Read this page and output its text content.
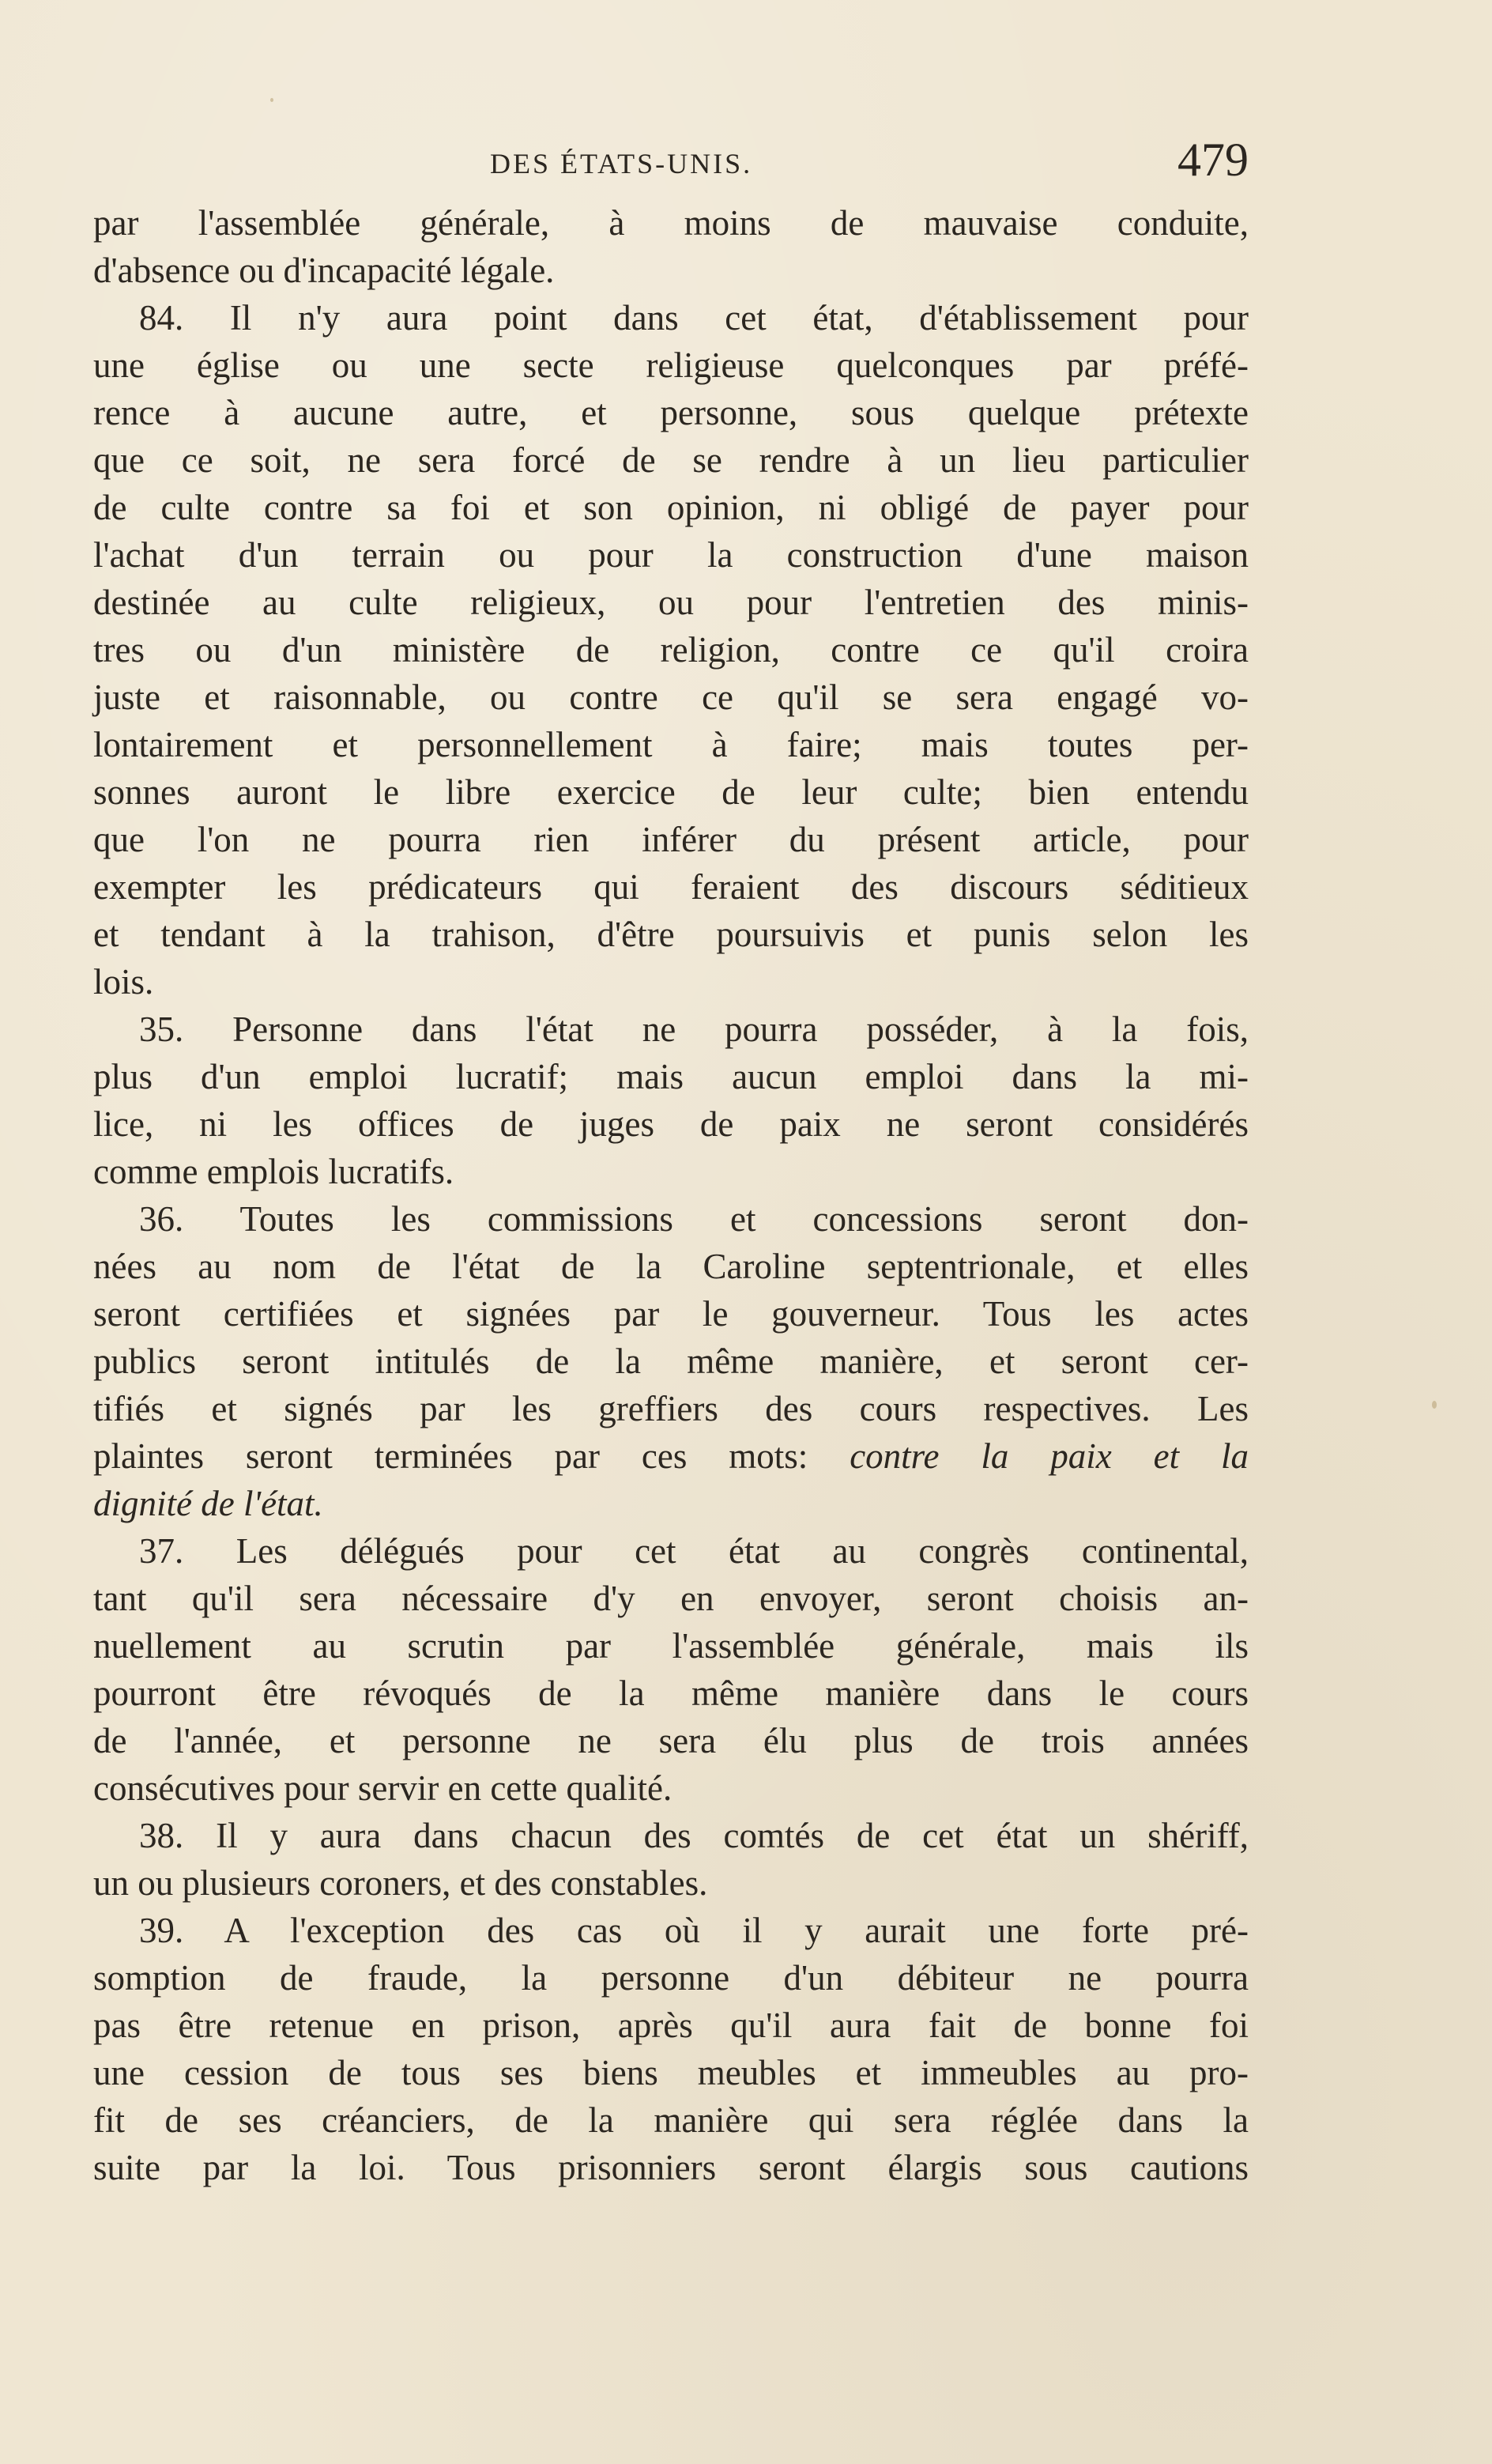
DES ÉTATS-UNIS.	479
par l'assemblée générale, à moins de mauvaise conduite,
d'absence ou d'incapacité légale.
84. Il n'y aura point dans cet état, d'établissement pour
une église ou une secte religieuse quelconques par préfé-
rence à aucune autre, et personne, sous quelque prétexte
que ce soit, ne sera forcé de se rendre à un lieu particulier
de culte contre sa foi et son opinion, ni obligé de payer pour
l'achat d'un terrain ou pour la construction d'une maison
destinée au culte religieux, ou pour l'entretien des minis-
tres ou d'un ministère de religion, contre ce qu'il croira
juste et raisonnable, ou contre ce qu'il se sera engagé vo-
lontairement et personnellement à faire; mais toutes per-
sonnes auront le libre exercice de leur culte; bien entendu
que l'on ne pourra rien inférer du présent article, pour
exempter les prédicateurs qui feraient des discours séditieux
et tendant à la trahison, d'être poursuivis et punis selon les
lois.
35. Personne dans l'état ne pourra posséder, à la fois,
plus d'un emploi lucratif; mais aucun emploi dans la mi-
lice, ni les offices de juges de paix ne seront considérés
comme emplois lucratifs.
36. Toutes les commissions et concessions seront don-
nées au nom de l'état de la Caroline septentrionale, et elles
seront certifiées et signées par le gouverneur. Tous les actes
publics seront intitulés de la même manière, et seront cer-
tifiés et signés par les greffiers des cours respectives. Les
plaintes seront terminées par ces mots: contre la paix et la
dignité de l'état.
37. Les délégués pour cet état au congrès continental,
tant qu'il sera nécessaire d'y en envoyer, seront choisis an-
nuellement au scrutin par l'assemblée générale, mais ils
pourront être révoqués de la même manière dans le cours
de l'année, et personne ne sera élu plus de trois années
consécutives pour servir en cette qualité.
38. Il y aura dans chacun des comtés de cet état un shériff,
un ou plusieurs coroners, et des constables.
39. A l'exception des cas où il y aurait une forte pré-
somption de fraude, la personne d'un débiteur ne pourra
pas être retenue en prison, après qu'il aura fait de bonne foi
une cession de tous ses biens meubles et immeubles au pro-
fit de ses créanciers, de la manière qui sera réglée dans la
suite par la loi. Tous prisonniers seront élargis sous cautions
